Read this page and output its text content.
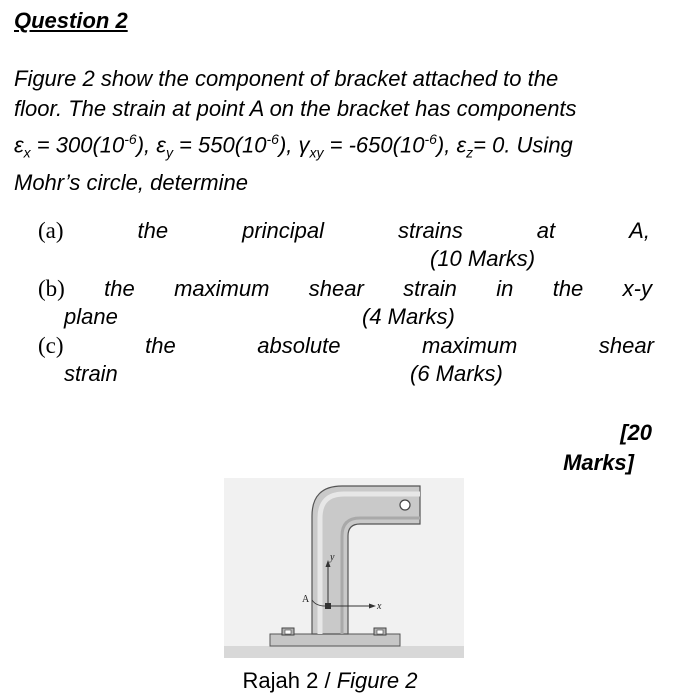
Question 2
Figure 2 show the component of bracket attached to the
floor. The strain at point A on the bracket has components
$\varepsilon_x = 300(10^{-6})$, $\varepsilon_y = 550(10^{-6})$, $\gamma_{xy} = -650(10^{-6})$, $\varepsilon_z= 0$. Using
Mohr’s circle, determine
(a)	the	principal	strains	at	A,
(10 Marks)
(b) the maximum shear strain in the x-y
plane	(4 Marks)
(c)	the	absolute	maximum	shear
strain	(6 Marks)
[20
Marks]
y
x
A
Rajah 2 / Figure 2
